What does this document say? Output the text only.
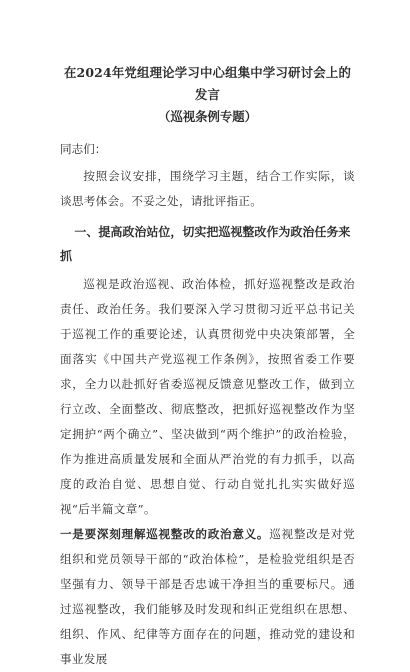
在2024年党组理论学习中心组集中学习研讨会上的发言
（巡视条例专题）
同志们：

按照会议安排，围绕学习主题，结合工作实际，谈谈思考体会。不妥之处，请批评指正。

一、提高政治站位，切实把巡视整改作为政治任务来抓

巡视是政治巡视、政治体检，抓好巡视整改是政治责任、政治任务。我们要深入学习贯彻习近平总书记关于巡视工作的重要论述，认真贯彻党中央决策部署，全面落实《中国共产党巡视工作条例》，按照省委工作要求，全力以赴抓好省委巡视反馈意见整改工作，做到立行立改、全面整改、彻底整改，把抓好巡视整改作为坚定拥护“两个确立”、坚决做到“两个维护”的政治检验，作为推进高质量发展和全面从严治党的有力抓手，以高度的政治自觉、思想自觉、行动自觉扎扎实实做好巡视“后半篇文章”。

一是要深刻理解巡视整改的政治意义。巡视整改是对党组织和党员领导干部的“政治体检”，是检验党组织是否坚强有力、领导干部是否忠诚干净担当的重要标尺。通过巡视整改，我们能够及时发现和纠正党组织在思想、组织、作风、纪律等方面存在的问题，推动党的建设和事业发展
